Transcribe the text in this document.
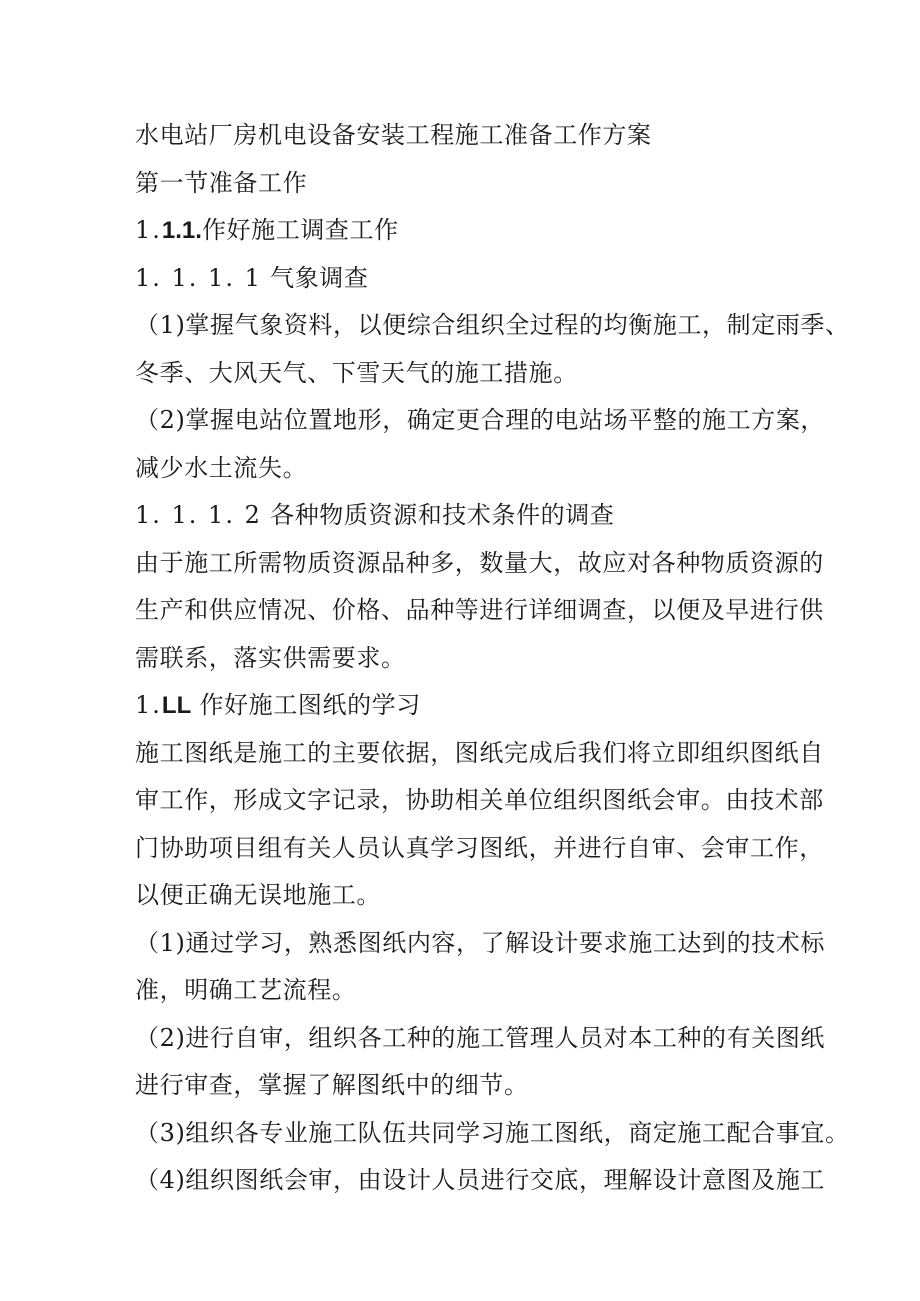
水电站厂房机电设备安装工程施工准备工作方案
第一节准备工作
1.1.1.作好施工调查工作
1. 1. 1. 1 气象调查
（1)掌握气象资料，以便综合组织全过程的均衡施工，制定雨季、
冬季、大风天气、下雪天气的施工措施。
（2)掌握电站位置地形，确定更合理的电站场平整的施工方案，
减少水土流失。
1. 1. 1. 2 各种物质资源和技术条件的调查
由于施工所需物质资源品种多，数量大，故应对各种物质资源的
生产和供应情况、价格、品种等进行详细调查，以便及早进行供
需联系，落实供需要求。
1.LL 作好施工图纸的学习
施工图纸是施工的主要依据，图纸完成后我们将立即组织图纸自
审工作，形成文字记录，协助相关单位组织图纸会审。由技术部
门协助项目组有关人员认真学习图纸，并进行自审、会审工作，
以便正确无误地施工。
（1)通过学习，熟悉图纸内容，了解设计要求施工达到的技术标
准，明确工艺流程。
（2)进行自审，组织各工种的施工管理人员对本工种的有关图纸
进行审查，掌握了解图纸中的细节。
（3)组织各专业施工队伍共同学习施工图纸，商定施工配合事宜。
（4)组织图纸会审，由设计人员进行交底，理解设计意图及施工
